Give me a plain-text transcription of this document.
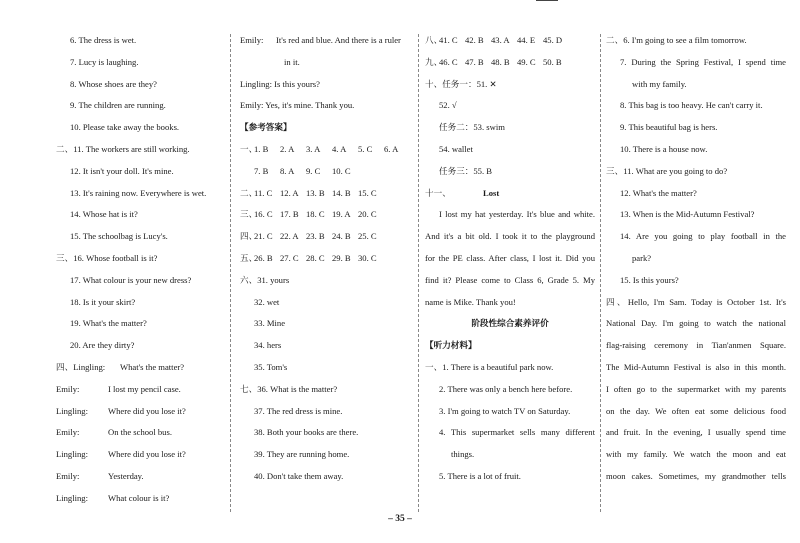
6. The dress is wet.
7. Lucy is laughing.
8. Whose shoes are they?
9. The children are running.
10. Please take away the books.
二、11. The workers are still working.
12. It isn't your doll. It's mine.
13. It's raining now. Everywhere is wet.
14. Whose hat is it?
15. The schoolbag is Lucy's.
三、16. Whose football is it?
17. What colour is your new dress?
18. Is it your skirt?
19. What's the matter?
20. Are they dirty?
四、Lingling: What's the matter?
Emily:	I lost my pencil case.
Lingling: Where did you lose it?
Emily:	On the school bus.
Lingling: Where did you lose it?
Emily:	Yesterday.
Lingling: What colour is it?
Emily: It's red and blue. And there is a ruler
in it.
Lingling: Is this yours?
Emily: Yes, it's mine. Thank you.
【参考答案】
一、1. B 2. A 3. A 4. A 5. C 6. A
7. B 8. A 9. C 10. C
二、11. C 12. A 13. B 14. B 15. C
三、16. C 17. B 18. C 19. A 20. C
四、21. C 22. A 23. B 24. B 25. C
五、26. B 27. C 28. C 29. B 30. C
六、31. yours
32. wet
33. Mine
34. hers
35. Tom's
七、36. What is the matter?
37. The red dress is mine.
38. Both your books are there.
39. They are running home.
40. Don't take them away.
八、41. C 42. B 43. A 44. E 45. D
九、46. C 47. B 48. B 49. C 50. B
十、任务一：51. ✕
52. √
任务二：53. swim
54. wallet
任务三：55. B
十一、	Lost
I lost my hat yesterday. It's blue and white.
And it's a bit old. I took it to the playground
for the PE class. After class, I lost it. Did you
find it? Please come to Class 6, Grade 5. My
name is Mike. Thank you!
阶段性综合素养评价
【听力材料】
一、1. There is a beautiful park now.
2. There was only a bench here before.
3. I'm going to watch TV on Saturday.
4. This supermarket sells many different
things.
5. There is a lot of fruit.
二、6. I'm going to see a film tomorrow.
7. During the Spring Festival, I spend time
with my family.
8. This bag is too heavy. He can't carry it.
9. This beautiful bag is hers.
10. There is a house now.
三、11. What are you going to do?
12. What's the matter?
13. When is the Mid-Autumn Festival?
14. Are you going to play football in the
park?
15. Is this yours?
四、Hello, I'm Sam. Today is October 1st. It's
National Day. I'm going to watch the national
flag-raising ceremony in Tian'anmen Square.
The Mid-Autumn Festival is also in this month.
I often go to the supermarket with my parents
on the day. We often eat some delicious food
and fruit. In the evening, I usually spend time
with my family. We watch the moon and eat
moon cakes. Sometimes, my grandmother tells
– 35 –
